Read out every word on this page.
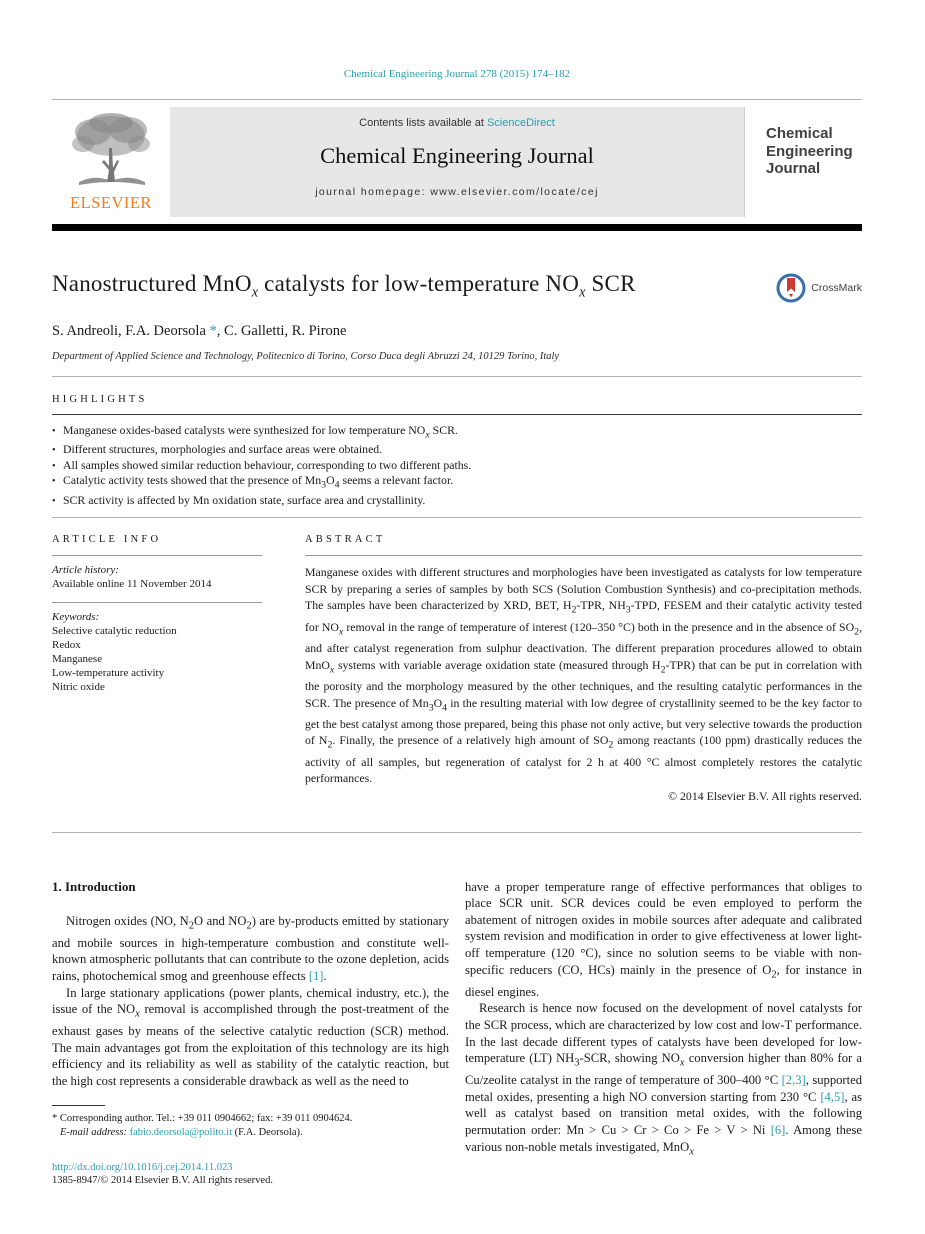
Chemical Engineering Journal 278 (2015) 174–182
ELSEVIER
Contents lists available at ScienceDirect
Chemical Engineering Journal
journal homepage: www.elsevier.com/locate/cej
Chemical
Engineering
Journal
Nanostructured MnO$_x$ catalysts for low-temperature $NO_x$ SCR	CrossMark
S. Andreoli, F.A. Deorsola *, C. Galletti, R. Pirone
Department of Applied Science and Technology, Politecnico di Torino, Corso Duca degli Abruzzi 24, 10129 Torino, Italy
HIGHLIGHTS
• Manganese oxides-based catalysts were synthesized for low temperature $NO_x$ SCR.
• Different structures, morphologies and surface areas were obtained.
• All samples showed similar reduction behaviour, corresponding to two different paths.
• Catalytic activity tests showed that the presence of $Mn_3O_4$ seems a relevant factor.
• SCR activity is affected by Mn oxidation state, surface area and crystallinity.
ARTICLE INFO
Article history:
Available online 11 November 2014
Keywords:
Selective catalytic reduction
Redox
Manganese
Low-temperature activity
Nitric oxide
ABSTRACT

Manganese oxides with different structures and morphologies have been investigated as catalysts for low temperature SCR by preparing a series of samples by both SCS (Solution Combustion Synthesis) and co-precipitation methods. The samples have been characterized by XRD, BET, $H_2$-TPR, $NH_3$-TPD, FESEM and their catalytic activity tested for $NO_x$ removal in the range of temperature of interest (120–350 °C) both in the presence and in the absence of $SO_2$, and after catalyst regeneration from sulphur deactivation. The different preparation procedures allowed to obtain MnO$_x$ systems with variable average oxidation state (measured through $H_2-TPR$) that can be put in correlation with the porosity and the morphology measured by the other techniques, and the resulting catalytic performances in the SCR. The presence of $Mn_3O_4$ in the resulting material with low degree of crystallinity seemed to be the key factor to get the best catalyst among those prepared, being this phase not only active, but very selective towards the production of $N_2$. Finally, the presence of a relatively high amount of $SO_2$ among reactants (100 ppm) drastically reduces the activity of all samples, but regeneration of catalyst for 2 h at 400 °C almost completely restores the catalytic performances.

© 2014 Elsevier B.V. All rights reserved.
1. Introduction

Nitrogen oxides (NO, $N_2O$ and $NO_2$) are by-products emitted by stationary and mobile sources in high-temperature combustion and constitute well-known atmospheric pollutants that can contribute to the ozone depletion, acids rains, photochemical smog and greenhouse effects [1].

In large stationary applications (power plants, chemical industry, etc.), the issue of the $NO_x$ removal is accomplished through the post-treatment of the exhaust gases by means of the selective catalytic reduction (SCR) method. The main advantages got from the exploitation of this technology are its high efficiency and its reliability as well as stability of the catalytic reaction, but the high cost represents a considerable drawback as well as the need to

* Corresponding author. Tel.: +39 011 0904662; fax: +39 011 0904624.

E-mail address: fabio.deorsola@polito.it (F.A. Deorsola).

http://dx.doi.org/10.1016/j.cej.2014.11.023
1385-8947/© 2014 Elsevier B.V. All rights reserved.

have a proper temperature range of effective performances that obliges to place SCR unit. SCR devices could be even employed to perform the abatement of nitrogen oxides in mobile sources after adequate and calibrated system revision and modification in order to give effectiveness at lower light-off temperature (120 °C), since no solution seems to be viable with non-specific reducers (CO, HCs) mainly in the presence of $O_2$, for instance in diesel engines.

Research is hence now focused on the development of novel catalysts for the SCR process, which are characterized by low cost and low-T performance. In the last decade different types of catalysts have been developed for low-temperature (LT) $NH_3$-SCR, showing $NO_x$ conversion higher than 80% for a Cu/zeolite catalyst in the range of temperature of 300–400 °C [2,3], supported metal oxides, presenting a high NO conversion starting from 230 °C [4,5], as well as catalyst based on transition metal oxides, with the following permutation order: Mn > Cu > Cr > Co > Fe > V > Ni [6]. Among these various non-noble metals investigated, MnO$_x$
